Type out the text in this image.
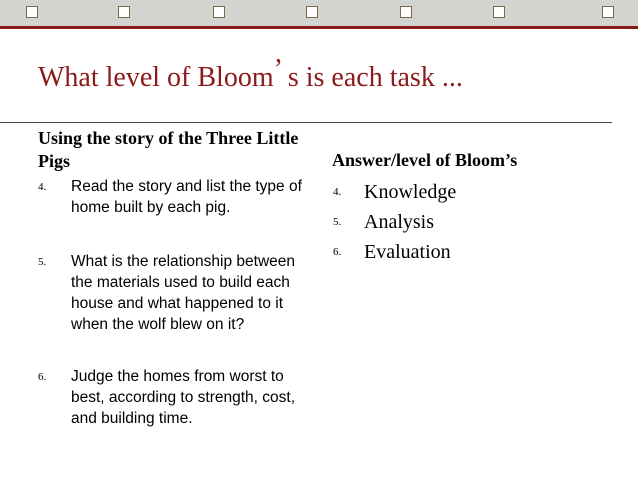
What level of Bloom’ s is each task ...
Using the story of the Three Little Pigs	Answer/level of Bloom’s
4. Read the story and list the type of home built by each pig.
5. What is the relationship between the materials used to build each house and what happened to it when the wolf blew on it?
6. Judge the homes from worst to best, according to strength, cost, and building time.
4. Knowledge
5. Analysis
6. Evaluation
